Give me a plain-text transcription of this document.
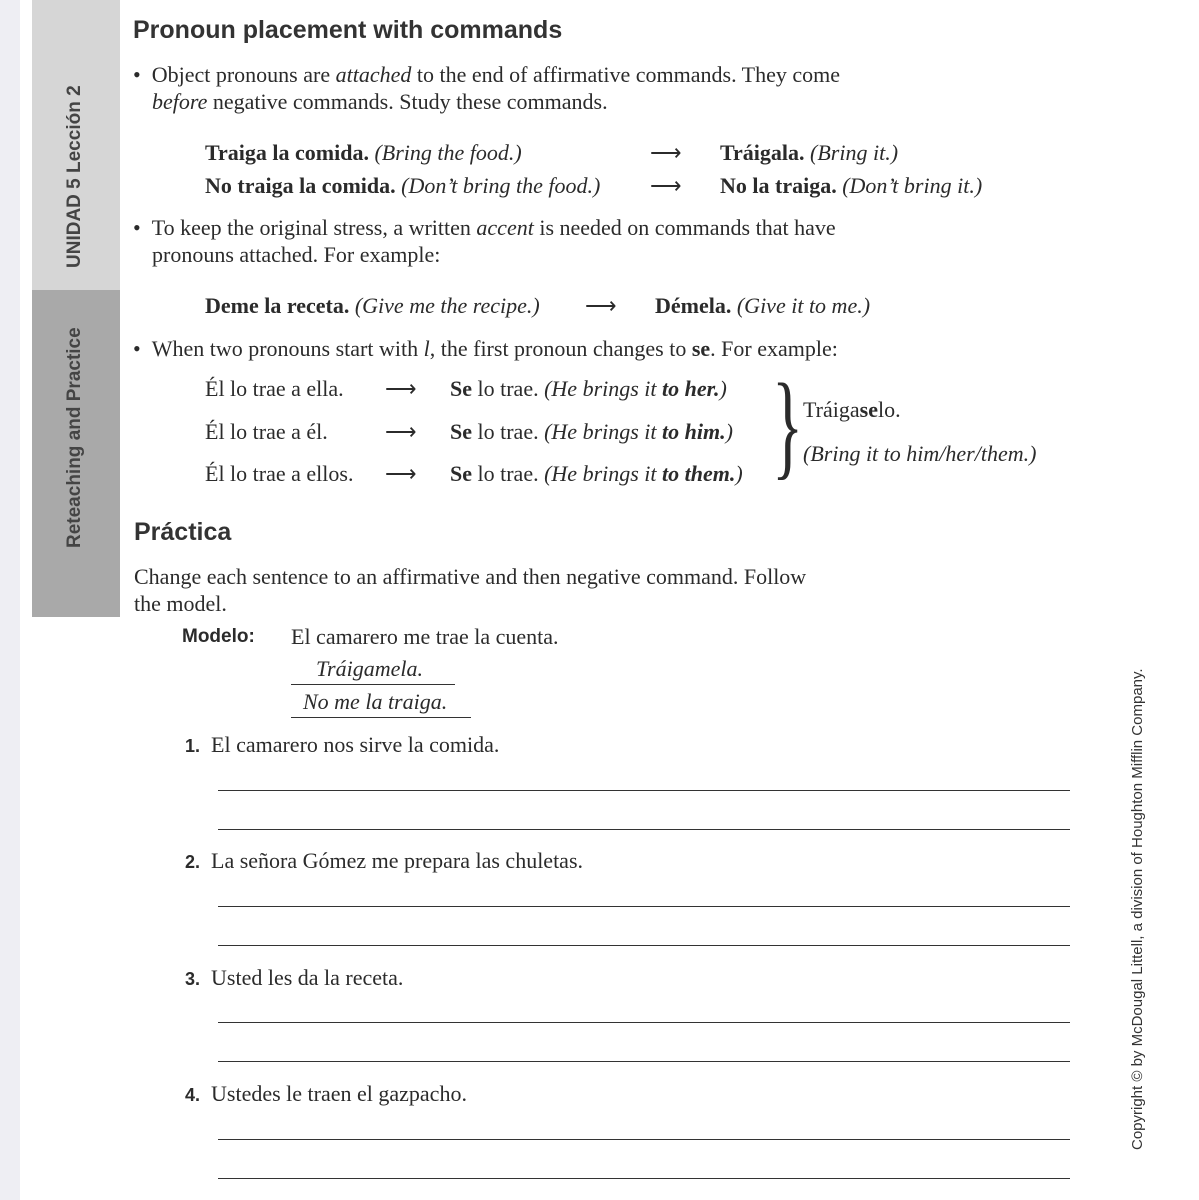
UNIDAD 5 Lección 2
Reteaching and Practice
Copyright © by McDougal Littell, a division of Houghton Mifflin Company.
Pronoun placement with commands
• Object pronouns are attached to the end of affirmative commands. They come
before negative commands. Study these commands.
Traiga la comida. (Bring the food.)	⟶ Tráigala. (Bring it.)
No traiga la comida. (Don’t bring the food.) ⟶ No la traiga. (Don’t bring it.)
• To keep the original stress, a written accent is needed on commands that have
pronouns attached. For example:
Deme la receta. (Give me the recipe.) ⟶ Démela. (Give it to me.)
• When two pronouns start with l, the first pronoun changes to se. For example:
Él lo trae a ella. ⟶ Se lo trae. (He brings it to her.)
Él lo trae a él.	⟶ Se lo trae. (He brings it to him.)
Él lo trae a ellos. ⟶ Se lo trae. (He brings it to them.) } Tráigaselo.
(Bring it to him/her/them.)
Práctica
Change each sentence to an affirmative and then negative command. Follow
the model.
Modelo: El camarero me trae la cuenta.
Tráigamela.
No me la traiga.
1. El camarero nos sirve la comida.
2. La señora Gómez me prepara las chuletas.
3. Usted les da la receta.
4. Ustedes le traen el gazpacho.
